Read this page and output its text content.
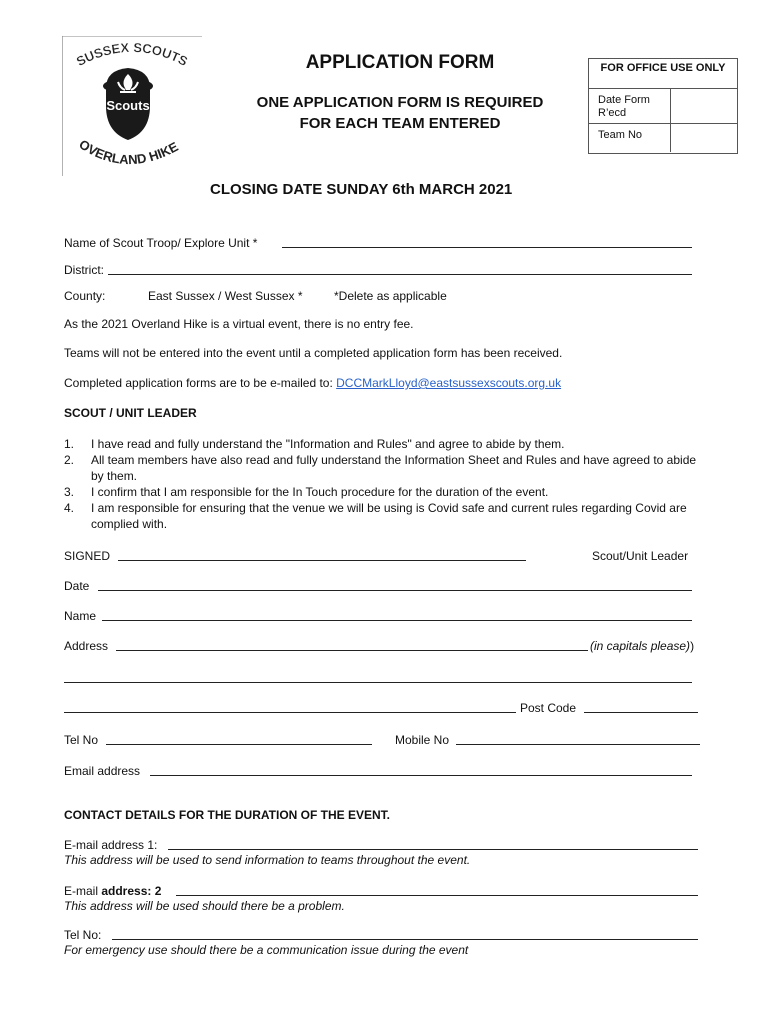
SUSSEX SCOUTS
Scouts
OVERLAND HIKE
APPLICATION FORM
ONE APPLICATION FORM IS REQUIRED
FOR EACH TEAM ENTERED
FOR OFFICE USE ONLY
Date Form R’ecd
Team No
CLOSING DATE SUNDAY 6th MARCH 2021
Name of Scout Troop/ Explore Unit *
District:
County:	East Sussex / West Sussex *	*Delete as applicable
As the 2021 Overland Hike is a virtual event, there is no entry fee.
Teams will not be entered into the event until a completed application form has been received.
Completed application forms are to be e-mailed to: DCCMarkLloyd@eastsussexscouts.org.uk
SCOUT / UNIT LEADER
1. I have read and fully understand the "Information and Rules" and agree to abide by them.
2. All team members have also read and fully understand the Information Sheet and Rules and have agreed to abide by them.
3. I confirm that I am responsible for the In Touch procedure for the duration of the event.
4. I am responsible for ensuring that the venue we will be using is Covid safe and current rules regarding Covid are complied with.
SIGNED	Scout/Unit Leader
Date
Name
Address	(in capitals please))
Post Code
Tel No	Mobile No
Email address
CONTACT DETAILS FOR THE DURATION OF THE EVENT.
E-mail address 1:
This address will be used to send information to teams throughout the event.
E-mail address: 2
This address will be used should there be a problem.
Tel No:
For emergency use should there be a communication issue during the event
